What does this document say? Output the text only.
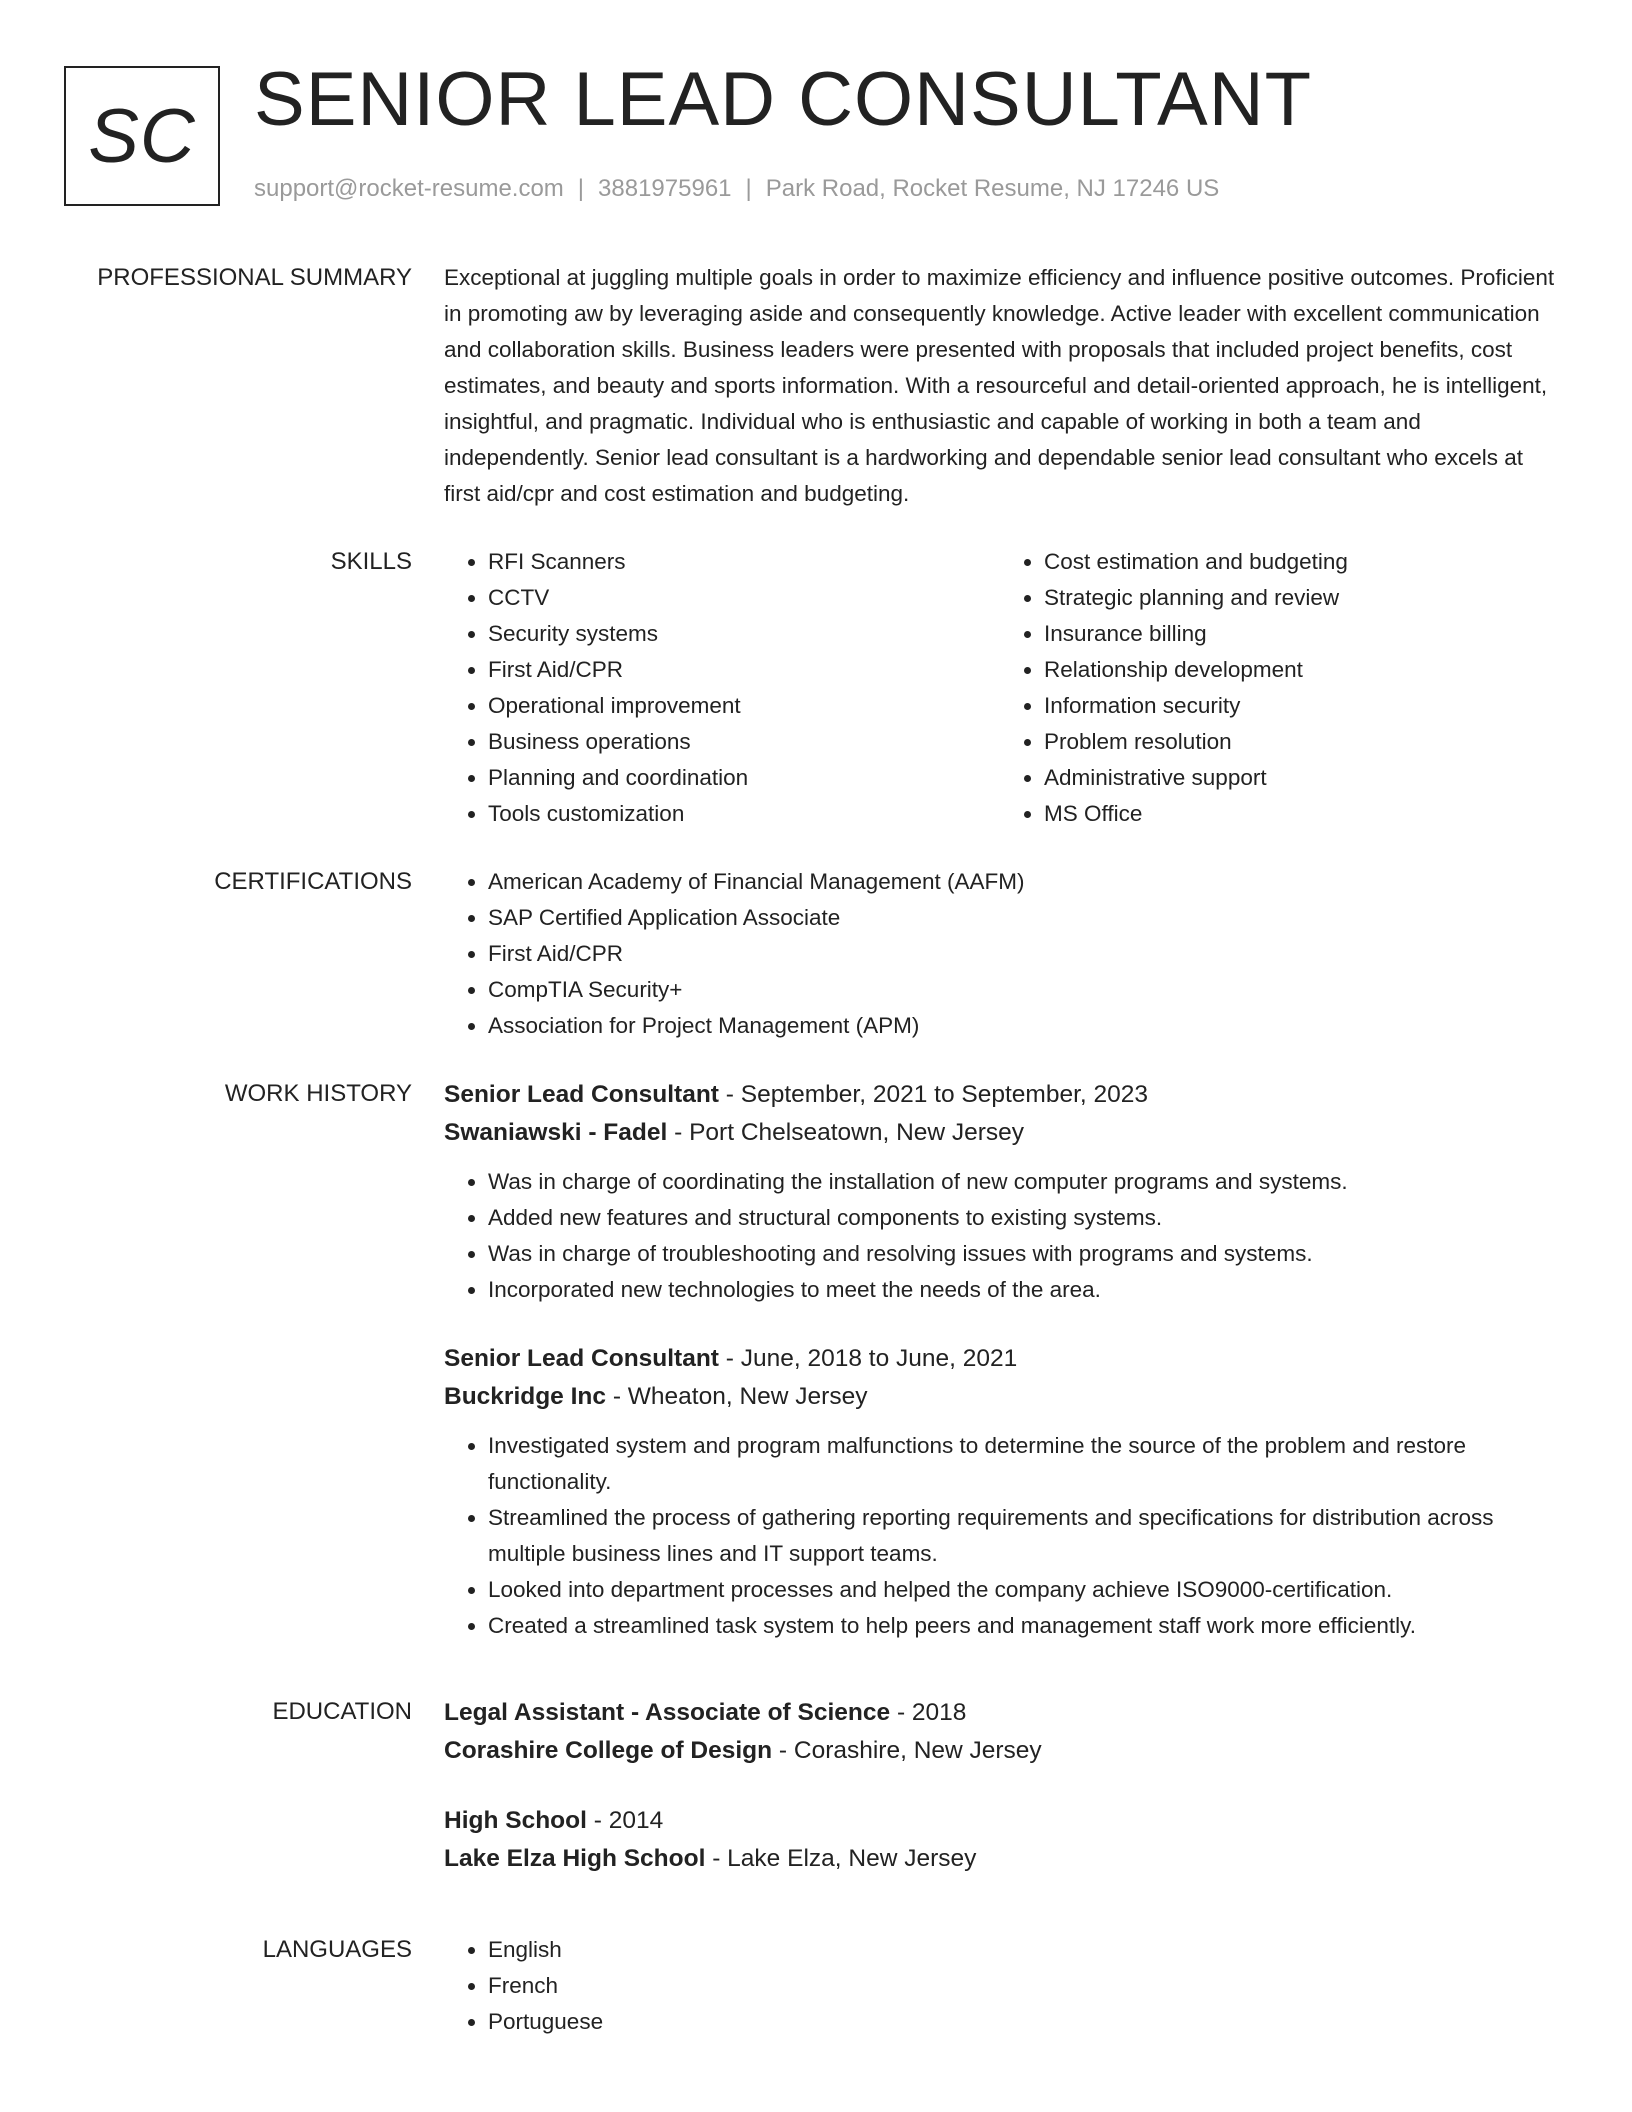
SC SENIOR LEAD CONSULTANT
support@rocket-resume.com | 3881975961 | Park Road, Rocket Resume, NJ 17246 US
PROFESSIONAL SUMMARY Exceptional at juggling multiple goals in order to maximize efficiency and influence positive outcomes. Proficient in promoting aw by leveraging aside and consequently knowledge. Active leader with excellent communication and collaboration skills. Business leaders were presented with proposals that included project benefits, cost estimates, and beauty and sports information. With a resourceful and detail-oriented approach, he is intelligent, insightful, and pragmatic. Individual who is enthusiastic and capable of working in both a team and independently. Senior lead consultant is a hardworking and dependable senior lead consultant who excels at first aid/cpr and cost estimation and budgeting.

SKILLS	• RFI Scanners
• CCTV
• Security systems
• First Aid/CPR
• Operational improvement
• Business operations
• Planning and coordination
• Tools customization
• Cost estimation and budgeting
• Strategic planning and review
• Insurance billing
• Relationship development
• Information security
• Problem resolution
• Administrative support
• MS Office
CERTIFICATIONS	• American Academy of Financial Management (AAFM)
• SAP Certified Application Associate
• First Aid/CPR
• CompTIA Security+
• Association for Project Management (APM)
WORK HISTORY Senior Lead Consultant - September, 2021 to September, 2023
Swaniawski - Fadel - Port Chelseatown, New Jersey
• Was in charge of coordinating the installation of new computer programs and systems.
• Added new features and structural components to existing systems.
• Was in charge of troubleshooting and resolving issues with programs and systems.
• Incorporated new technologies to meet the needs of the area.
Senior Lead Consultant - June, 2018 to June, 2021
Buckridge Inc - Wheaton, New Jersey
• Investigated system and program malfunctions to determine the source of the problem and restore functionality.
• Streamlined the process of gathering reporting requirements and specifications for distribution across multiple business lines and IT support teams.
• Looked into department processes and helped the company achieve ISO9000-certification.
• Created a streamlined task system to help peers and management staff work more efficiently.
EDUCATION Legal Assistant - Associate of Science - 2018
Corashire College of Design - Corashire, New Jersey
High School - 2014
Lake Elza High School - Lake Elza, New Jersey
LANGUAGES	• English
• French
• Portuguese
